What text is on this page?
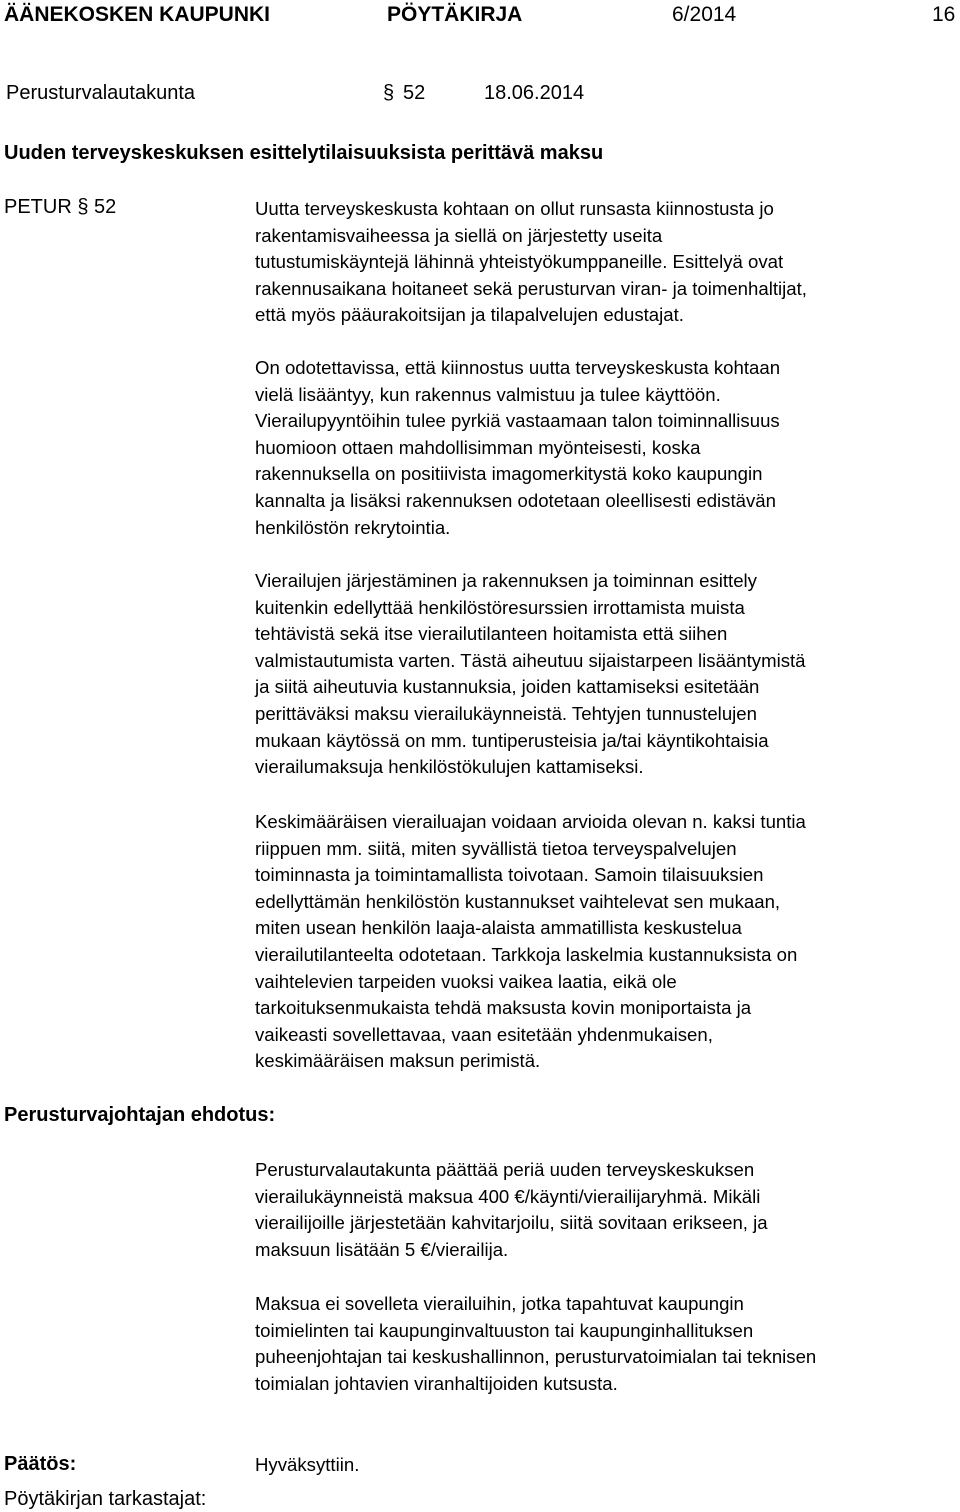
ÄÄNEKOSKEN KAUPUNKI	PÖYTÄKIRJA	6/2014	16
Perusturvalautakunta	§ 52	18.06.2014
Uuden terveyskeskuksen esittelytilaisuuksista perittävä maksu
PETUR § 52	Uutta terveyskeskusta kohtaan on ollut runsasta kiinnostusta jo
rakentamisvaiheessa ja siellä on järjestetty useita
tutustumiskäyntejä lähinnä yhteistyökumppaneille. Esittelyä ovat
rakennusaikana hoitaneet sekä perusturvan viran- ja toimenhaltijat,
että myös pääurakoitsijan ja tilapalvelujen edustajat.
On odotettavissa, että kiinnostus uutta terveyskeskusta kohtaan
vielä lisääntyy, kun rakennus valmistuu ja tulee käyttöön.
Vierailupyyntöihin tulee pyrkiä vastaamaan talon toiminnallisuus
huomioon ottaen mahdollisimman myönteisesti, koska
rakennuksella on positiivista imagomerkitystä koko kaupungin
kannalta ja lisäksi rakennuksen odotetaan oleellisesti edistävän
henkilöstön rekrytointia.
Vierailujen järjestäminen ja rakennuksen ja toiminnan esittely
kuitenkin edellyttää henkilöstöresurssien irrottamista muista
tehtävistä sekä itse vierailutilanteen hoitamista että siihen
valmistautumista varten. Tästä aiheutuu sijaistarpeen lisääntymistä
ja siitä aiheutuvia kustannuksia, joiden kattamiseksi esitetään
perittäväksi maksu vierailukäynneistä. Tehtyjen tunnustelujen
mukaan käytössä on mm. tuntiperusteisia ja/tai käyntikohtaisia
vierailumaksuja henkilöstökulujen kattamiseksi.
Keskimääräisen vierailuajan voidaan arvioida olevan n. kaksi tuntia
riippuen mm. siitä, miten syvällistä tietoa terveyspalvelujen
toiminnasta ja toimintamallista toivotaan. Samoin tilaisuuksien
edellyttämän henkilöstön kustannukset vaihtelevat sen mukaan,
miten usean henkilön laaja-alaista ammatillista keskustelua
vierailutilanteelta odotetaan. Tarkkoja laskelmia kustannuksista on
vaihtelevien tarpeiden vuoksi vaikea laatia, eikä ole
tarkoituksenmukaista tehdä maksusta kovin moniportaista ja
vaikeasti sovellettavaa, vaan esitetään yhdenmukaisen,
keskimääräisen maksun perimistä.
Perusturvajohtajan ehdotus:
Perusturvalautakunta päättää periä uuden terveyskeskuksen
vierailukäynneistä maksua 400 €/käynti/vierailijaryhmä. Mikäli
vierailijoille järjestetään kahvitarjoilu, siitä sovitaan erikseen, ja
maksuun lisätään 5 €/vierailija.
Maksua ei sovelleta vierailuihin, jotka tapahtuvat kaupungin
toimielinten tai kaupunginvaltuuston tai kaupunginhallituksen
puheenjohtajan tai keskushallinnon, perusturvatoimialan tai teknisen
toimialan johtavien viranhaltijoiden kutsusta.
Päätös:	Hyväksyttiin.
Pöytäkirjan tarkastajat:
